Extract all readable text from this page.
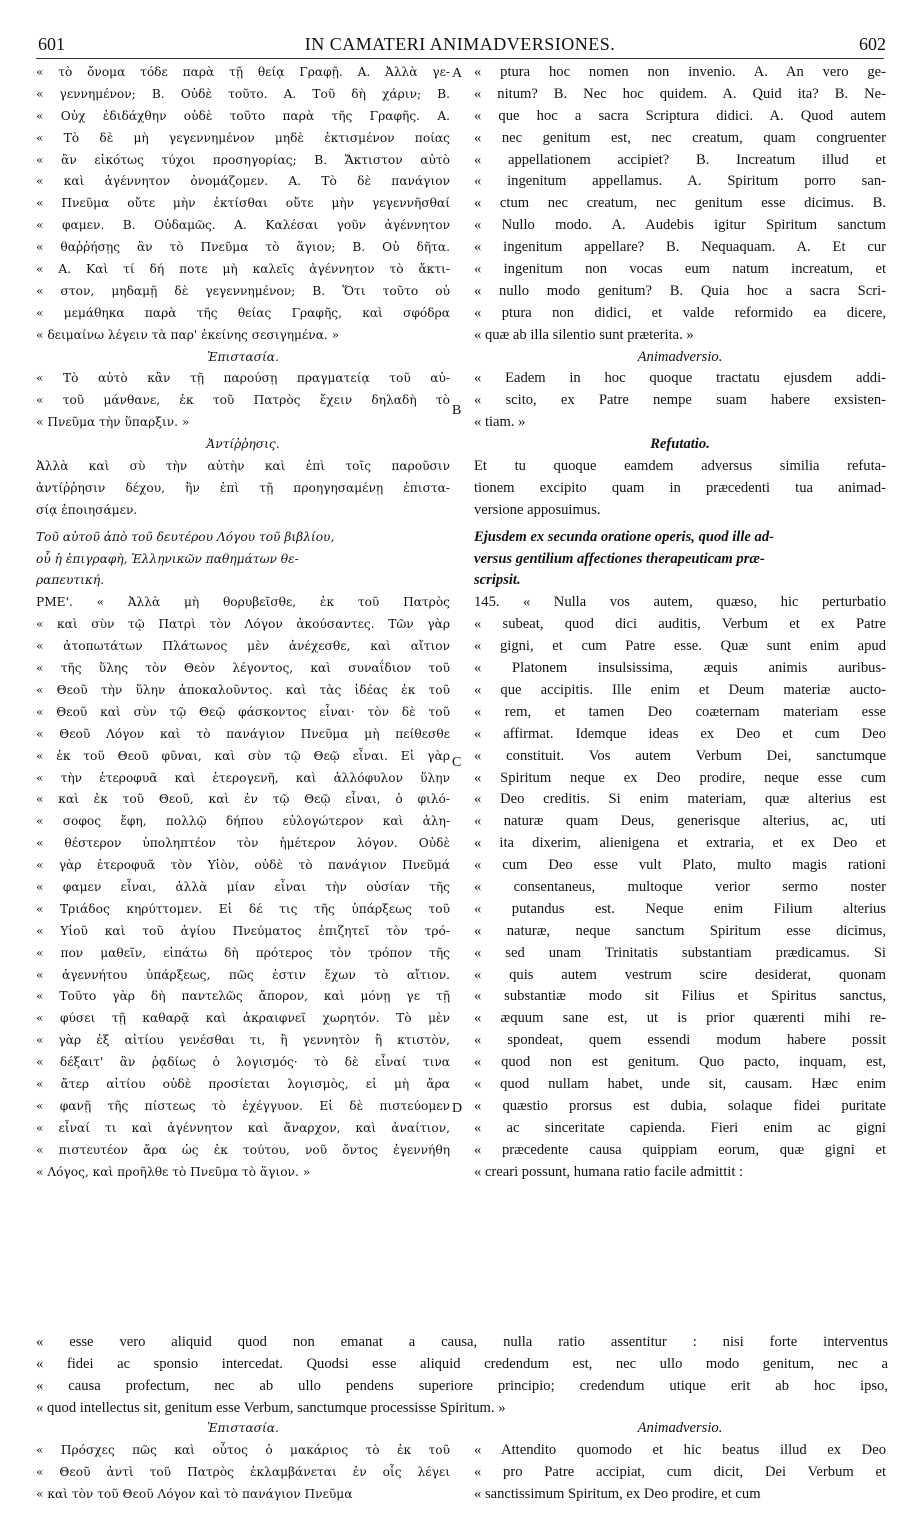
601	IN CAMATERI ANIMADVERSIONES.	602
« τὸ ὄνομα τόδε παρὰ τῇ θείᾳ Γραφῇ. Α. Ἀλλὰ γε-
« γεννημένον; Β. Οὐδὲ τοῦτο. Α. Τοῦ δὴ χάριν; Β.
« Οὐχ ἐδιδάχθην οὐδὲ τοῦτο παρὰ τῆς Γραφῆς. Α.
« Τὸ δὲ μὴ γεγεννημένον μηδὲ ἐκτισμένον ποίας
« ἂν εἰκότως τύχοι προσηγορίας; Β. Ἄκτιστον αὐτὸ
« καὶ ἀγέννητον ὀνομάζομεν. Α. Τὸ δὲ πανάγιον
« Πνεῦμα οὔτε μὴν ἐκτίσθαι οὔτε μὴν γεγεννῆσθαί
« φαμεν. Β. Οὐδαμῶς. Α. Καλέσαι γοῦν ἀγέννητον
« θαῤῥήσῃς ἂν τὸ Πνεῦμα τὸ ἅγιον; Β. Οὐ δῆτα.
« Α. Καὶ τί δή ποτε μὴ καλεῖς ἀγέννητον τὸ ἄκτι-
« στον, μηδαμῇ δὲ γεγεννημένον; Β. Ὅτι τοῦτο οὐ
« μεμάθηκα παρὰ τῆς θείας Γραφῆς, καὶ σφόδρα
« δειμαίνω λέγειν τὰ παρ' ἐκείνης σεσιγημένα. »
Ἐπιστασία.
« Τὸ αὐτὸ κἂν τῇ παρούσῃ πραγματείᾳ τοῦ αὐ-
« τοῦ μάνθανε, ἐκ τοῦ Πατρὸς ἔχειν δηλαδὴ τὸ
« Πνεῦμα τὴν ὕπαρξιν. »
Ἀντίῤῥησις.
Ἀλλὰ καὶ σὺ τὴν αὐτὴν καὶ ἐπὶ τοῖς παροῦσιν
ἀντίῤῥησιν δέχου, ἣν ἐπὶ τῇ προηγησαμένῃ ἐπιστα-
σίᾳ ἐποιησάμεν.
Τοῦ αὐτοῦ ἀπὸ τοῦ δευτέρου Λόγου τοῦ βιβλίου,
οὗ ἡ ἐπιγραφὴ, Ἑλληνικῶν παθημάτων θε-
ραπευτική.
ΡΜΕ'. « Ἀλλὰ μὴ θορυβεῖσθε, ἐκ τοῦ Πατρὸς
« καὶ σὺν τῷ Πατρὶ τὸν Λόγον ἀκούσαντες. Τῶν γὰρ
« ἀτοπωτάτων Πλάτωνος μὲν ἀνέχεσθε, καὶ αἴτιον
« τῆς ὕλης τὸν Θεὸν λέγοντος, καὶ συναΐδιον τοῦ
« Θεοῦ τὴν ὕλην ἀποκαλοῦντος. καὶ τὰς ἰδέας ἐκ τοῦ
« Θεοῦ καὶ σὺν τῷ Θεῷ φάσκοντος εἶναι· τὸν δὲ τοῦ
« Θεοῦ Λόγον καὶ τὸ πανάγιον Πνεῦμα μὴ πείθεσθε
« ἐκ τοῦ Θεοῦ φῦναι, καὶ σὺν τῷ Θεῷ εἶναι. Εἰ γὰρ
« τὴν ἑτεροφυᾶ καὶ ἑτερογενῆ, καὶ ἀλλόφυλον ὕλην
« καὶ ἐκ τοῦ Θεοῦ, καὶ ἐν τῷ Θεῷ εἶναι, ὁ φιλό-
« σοφος ἔφη, πολλῷ δήπου εὐλογώτερον καὶ ἀλη-
« θέστερον ὑποληπτέον τὸν ἡμέτερον λόγον. Οὐδὲ
« γὰρ ἑτεροφυᾶ τὸν Υἱὸν, οὐδὲ τὸ πανάγιον Πνεῦμά
« φαμεν εἶναι, ἀλλὰ μίαν εἶναι τὴν οὐσίαν τῆς
« Τριάδος κηρύττομεν. Εἰ δέ τις τῆς ὑπάρξεως τοῦ
« Υἱοῦ καὶ τοῦ ἁγίου Πνεύματος ἐπιζητεῖ τὸν τρό-
« πον μαθεῖν, εἰπάτω δὴ πρότερος τὸν τρόπον τῆς
« ἀγεννήτου ὑπάρξεως, πῶς ἐστιν ἔχων τὸ αἴτιον.
« Τοῦτο γὰρ δὴ παντελῶς ἄπορον, καὶ μόνῃ γε τῇ
« φύσει τῇ καθαρᾷ καὶ ἀκραιφνεῖ χωρητόν. Τὸ μὲν
« γὰρ ἐξ αἰτίου γενέσθαι τι, ἢ γεννητὸν ἢ κτιστὸν,
« δέξαιτ' ἂν ῥᾳδίως ὁ λογισμός· τὸ δὲ εἶναί τινα
« ἄτερ αἰτίου οὐδὲ προσίεται λογισμὸς, εἰ μὴ ἄρα
« φανῇ τῆς πίστεως τὸ ἐχέγγυον. Εἰ δὲ πιστεύομεν
« εἶναί τι καὶ ἀγέννητον καὶ ἄναρχον, καὶ ἀναίτιον,
« πιστευτέον ἄρα ὡς ἐκ τούτου, νοῦ ὄντος ἐγεννήθη
« Λόγος, καὶ προῆλθε τὸ Πνεῦμα τὸ ἅγιον. »
« ptura hoc nomen non invenio. A. An vero ge-
« nitum? B. Nec hoc quidem. A. Quid ita? B. Ne-
« que hoc a sacra Scriptura didici. A. Quod autem
« nec genitum est, nec creatum, quam congruenter
« appellationem accipiet? B. Increatum illud et
« ingenitum appellamus. A. Spiritum porro san-
« ctum nec creatum, nec genitum esse dicimus. B.
« Nullo modo. A. Audebis igitur Spiritum sanctum
« ingenitum appellare? B. Nequaquam. A. Et cur
« ingenitum non vocas eum natum increatum, et
« nullo modo genitum? B. Quia hoc a sacra Scri-
« ptura non didici, et valde reformido ea dicere,
« quæ ab illa silentio sunt præterita. »
Animadversio.
« Eadem in hoc quoque tractatu ejusdem addi-
« scito, ex Patre nempe suam habere exsisten-
« tiam. »
Refutatio.
Et tu quoque eamdem adversus similia refuta-
tionem excipito quam in præcedenti tua animad-
versione apposuimus.
Ejusdem ex secunda oratione operis, quod ille ad-
versus gentilium affectiones therapeuticam præ-
scripsit.
145. « Nulla vos autem, quæso, hic perturbatio
« subeat, quod dici auditis, Verbum et ex Patre
« gigni, et cum Patre esse. Quæ sunt enim apud
« Platonem insulsissima, æquis animis auribus-
« que accipitis. Ille enim et Deum materiæ aucto-
« rem, et tamen Deo coæternam materiam esse
« affirmat. Idemque ideas ex Deo et cum Deo
« constituit. Vos autem Verbum Dei, sanctumque
« Spiritum neque ex Deo prodire, neque esse cum
« Deo creditis. Si enim materiam, quæ alterius est
« naturæ quam Deus, generisque alterius, ac, uti
« ita dixerim, alienigena et extraria, et ex Deo et
« cum Deo esse vult Plato, multo magis rationi
« consentaneus, multoque verior sermo noster
« putandus est. Neque enim Filium alterius
« naturæ, neque sanctum Spiritum esse dicimus,
« sed unam Trinitatis substantiam prædicamus. Si
« quis autem vestrum scire desiderat, quonam
« substantiæ modo sit Filius et Spiritus sanctus,
« æquum sane est, ut is prior quærenti mihi re-
« spondeat, quem essendi modum habere possit
« quod non est genitum. Quo pacto, inquam, est,
« quod nullam habet, unde sit, causam. Hæc enim
« quæstio prorsus est dubia, solaque fidei puritate
« ac sinceritate capienda. Fieri enim ac gigni
« præcedente causa quippiam eorum, quæ gigni et
« creari possunt, humana ratio facile admittit :
A
B
C
D
« esse vero aliquid quod non emanat a causa, nulla ratio assentitur : nisi forte interventus
« fidei ac sponsio intercedat. Quodsi esse aliquid credendum est, nec ullo modo genitum, nec a
« causa profectum, nec ab ullo pendens superiore principio; credendum utique erit ab hoc ipso,
« quod intellectus sit, genitum esse Verbum, sanctumque processisse Spiritum. »
Ἐπιστασία.
« Πρόσχες πῶς καὶ οὗτος ὁ μακάριος τὸ ἐκ τοῦ
« Θεοῦ ἀντὶ τοῦ Πατρὸς ἐκλαμβάνεται ἐν οἷς λέγει
« καὶ τὸν τοῦ Θεοῦ Λόγον καὶ τὸ πανάγιον Πνεῦμα
Animadversio.
« Attendito quomodo et hic beatus illud ex Deo
« pro Patre accipiat, cum dicit, Dei Verbum et
« sanctissimum Spiritum, ex Deo prodire, et cum
